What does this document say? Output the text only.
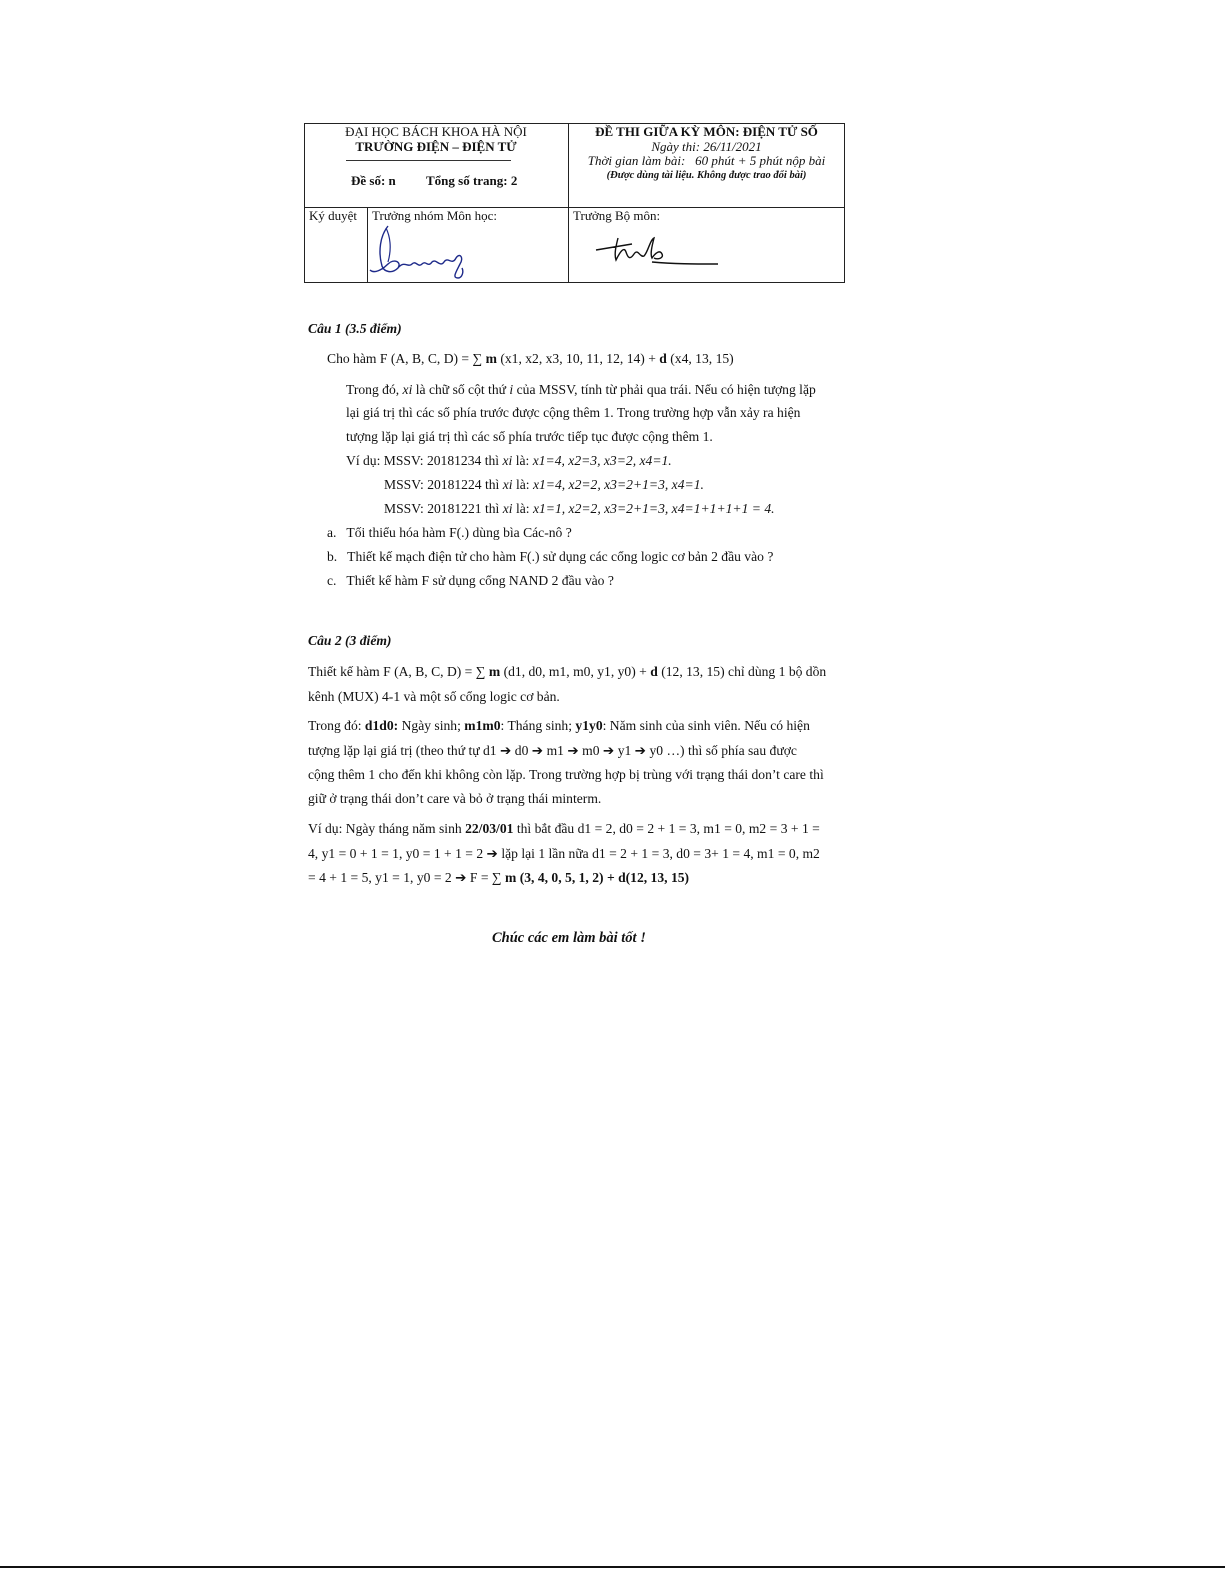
ĐẠI HỌC BÁCH KHOA HÀ NỘI
TRƯỜNG ĐIỆN – ĐIỆN TỬ
Đề số: n Tổng số trang: 2
ĐỀ THI GIỮA KỲ MÔN: ĐIỆN TỬ SỐ
Ngày thi: 26/11/2021
Thời gian làm bài: 60 phút + 5 phút nộp bài
(Được dùng tài liệu. Không được trao đổi bài)
Ký duyệt Trưởng nhóm Môn học:	Trưởng Bộ môn:
Câu 1 (3.5 điểm)
Cho hàm F (A, B, C, D) = ∑ m (x1, x2, x3, 10, 11, 12, 14) + d (x4, 13, 15)
Trong đó, xi là chữ số cột thứ i của MSSV, tính từ phải qua trái. Nếu có hiện tượng lặp
lại giá trị thì các số phía trước được cộng thêm 1. Trong trường hợp vẫn xảy ra hiện
tượng lặp lại giá trị thì các số phía trước tiếp tục được cộng thêm 1.
Ví dụ: MSSV: 20181234 thì xi là: x1=4, x2=3, x3=2, x4=1.
MSSV: 20181224 thì xi là: x1=4, x2=2, x3=2+1=3, x4=1.
MSSV: 20181221 thì xi là: x1=1, x2=2, x3=2+1=3, x4=1+1+1+1 = 4.
a. Tối thiểu hóa hàm F(.) dùng bìa Các-nô ?
b. Thiết kế mạch điện tử cho hàm F(.) sử dụng các cổng logic cơ bản 2 đầu vào ?
c. Thiết kế hàm F sử dụng cổng NAND 2 đầu vào ?
Câu 2 (3 điểm)
Thiết kế hàm F (A, B, C, D) = ∑ m (d1, d0, m1, m0, y1, y0) + d (12, 13, 15) chỉ dùng 1 bộ dồn
kênh (MUX) 4-1 và một số cổng logic cơ bản.
Trong đó: d1d0: Ngày sinh; m1m0: Tháng sinh; y1y0: Năm sinh của sinh viên. Nếu có hiện
tượng lặp lại giá trị (theo thứ tự d1 ➔ d0 ➔ m1 ➔ m0 ➔ y1 ➔ y0 …) thì số phía sau được
cộng thêm 1 cho đến khi không còn lặp. Trong trường hợp bị trùng với trạng thái don’t care thì
giữ ở trạng thái don’t care và bỏ ở trạng thái minterm.
Ví dụ: Ngày tháng năm sinh 22/03/01 thì bắt đầu d1 = 2, d0 = 2 + 1 = 3, m1 = 0, m2 = 3 + 1 =
4, y1 = 0 + 1 = 1, y0 = 1 + 1 = 2 ➔ lặp lại 1 lần nữa d1 = 2 + 1 = 3, d0 = 3+ 1 = 4, m1 = 0, m2
= 4 + 1 = 5, y1 = 1, y0 = 2 ➔ F = ∑ m (3, 4, 0, 5, 1, 2) + d(12, 13, 15)
Chúc các em làm bài tốt !
